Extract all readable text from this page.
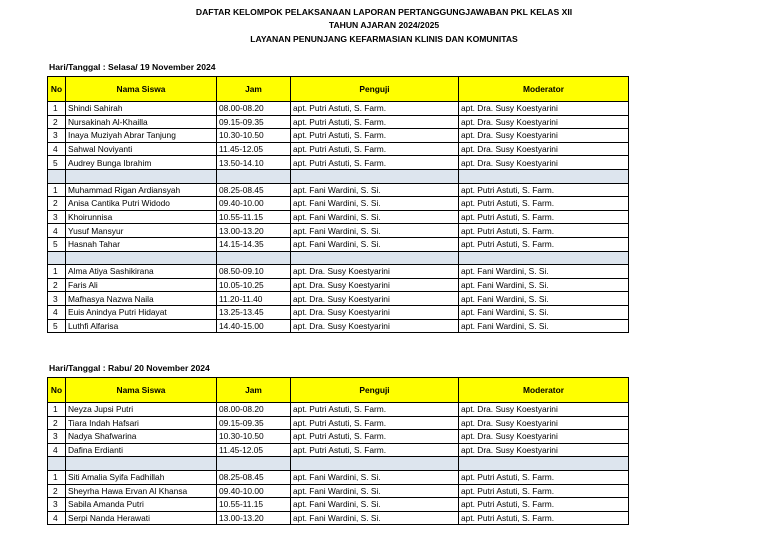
DAFTAR KELOMPOK PELAKSANAAN LAPORAN PERTANGGUNGJAWABAN PKL KELAS XII
TAHUN AJARAN 2024/2025
LAYANAN PENUNJANG KEFARMASIAN KLINIS DAN KOMUNITAS
Hari/Tanggal : Selasa/ 19 November 2024
No	Nama Siswa	Jam	Penguji	Moderator
1	Shindi Sahirah	08.00-08.20	apt. Putri Astuti, S. Farm.	apt. Dra. Susy Koestyarini
2	Nursakinah Al-Khailla	09.15-09.35	apt. Putri Astuti, S. Farm.	apt. Dra. Susy Koestyarini
3	Inaya Muziyah Abrar Tanjung	10.30-10.50	apt. Putri Astuti, S. Farm.	apt. Dra. Susy Koestyarini
4	Sahwal Noviyanti	11.45-12.05	apt. Putri Astuti, S. Farm.	apt. Dra. Susy Koestyarini
5	Audrey Bunga Ibrahim	13.50-14.10	apt. Putri Astuti, S. Farm.	apt. Dra. Susy Koestyarini

1	Muhammad Rigan Ardiansyah	08.25-08.45	apt. Fani Wardini, S. Si.	apt. Putri Astuti, S. Farm.
2	Anisa Cantika Putri Widodo	09.40-10.00	apt. Fani Wardini, S. Si.	apt. Putri Astuti, S. Farm.
3	Khoirunnisa	10.55-11.15	apt. Fani Wardini, S. Si.	apt. Putri Astuti, S. Farm.
4	Yusuf Mansyur	13.00-13.20	apt. Fani Wardini, S. Si.	apt. Putri Astuti, S. Farm.
5	Hasnah Tahar	14.15-14.35	apt. Fani Wardini, S. Si.	apt. Putri Astuti, S. Farm.

1	Alma Atiya Sashikirana	08.50-09.10	apt. Dra. Susy Koestyarini	apt. Fani Wardini, S. Si.
2	Faris Ali	10.05-10.25	apt. Dra. Susy Koestyarini	apt. Fani Wardini, S. Si.
3	Mafhasya Nazwa Naila	11.20-11.40	apt. Dra. Susy Koestyarini	apt. Fani Wardini, S. Si.
4	Euis Anindya Putri Hidayat	13.25-13.45	apt. Dra. Susy Koestyarini	apt. Fani Wardini, S. Si.
5	Luthfi Alfarisa	14.40-15.00	apt. Dra. Susy Koestyarini	apt. Fani Wardini, S. Si.
Hari/Tanggal : Rabu/ 20 November 2024
No	Nama Siswa	Jam	Penguji	Moderator
1	Neyza Jupsi Putri	08.00-08.20	apt. Putri Astuti, S. Farm.	apt. Dra. Susy Koestyarini
2	Tiara Indah Hafsari	09.15-09.35	apt. Putri Astuti, S. Farm.	apt. Dra. Susy Koestyarini
3	Nadya Shafwarina	10.30-10.50	apt. Putri Astuti, S. Farm.	apt. Dra. Susy Koestyarini
4	Dafina Erdianti	11.45-12.05	apt. Putri Astuti, S. Farm.	apt. Dra. Susy Koestyarini

1	Siti Amalia Syifa Fadhillah	08.25-08.45	apt. Fani Wardini, S. Si.	apt. Putri Astuti, S. Farm.
2	Sheyrha Hawa Ervan Al Khansa	09.40-10.00	apt. Fani Wardini, S. Si.	apt. Putri Astuti, S. Farm.
3	Sabila Amanda Putri	10.55-11.15	apt. Fani Wardini, S. Si.	apt. Putri Astuti, S. Farm.
4	Serpi Nanda Herawati	13.00-13.20	apt. Fani Wardini, S. Si.	apt. Putri Astuti, S. Farm.
